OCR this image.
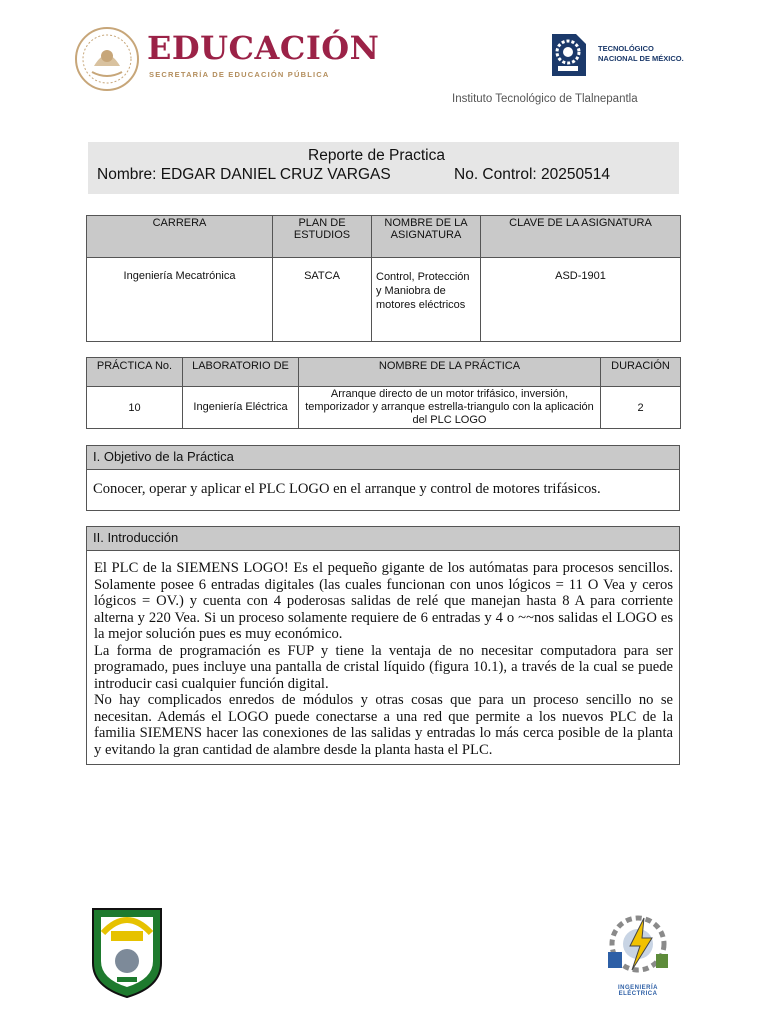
EDUCACIÓN
SECRETARÍA DE EDUCACIÓN PÚBLICA
TECNOLÓGICO
NACIONAL DE MÉXICO.
Instituto Tecnológico de Tlalnepantla
Reporte de Practica
Nombre: EDGAR DANIEL CRUZ VARGAS	No. Control: 20250514
CARRERA	PLAN DE ESTUDIOS	NOMBRE DE LA ASIGNATURA	CLAVE DE LA ASIGNATURA
Ingeniería Mecatrónica	SATCA	Control, Protección y Maniobra de motores eléctricos	ASD-1901
PRÁCTICA No.	LABORATORIO DE	NOMBRE DE LA PRÁCTICA	DURACIÓN
10	Ingeniería Eléctrica	Arranque directo de un motor trifásico, inversión, temporizador y arranque estrella-triangulo con la aplicación del PLC LOGO	2
I. Objetivo de la Práctica
Conocer, operar y aplicar el PLC LOGO en el arranque y control de motores trifásicos.
II. Introducción

El PLC de la SIEMENS LOGO! Es el pequeño gigante de los autómatas para procesos sencillos. Solamente posee 6 entradas digitales (las cuales funcionan con unos lógicos = 11 O Vea y ceros lógicos = OV.) y cuenta con 4 poderosas salidas de relé que manejan hasta 8 A para corriente alterna y 220 Vea. Si un proceso solamente requiere de 6 entradas y 4 o ~~nos salidas el LOGO es la mejor solución pues es muy económico.

La forma de programación es FUP y tiene la ventaja de no necesitar computadora para ser programado, pues incluye una pantalla de cristal líquido (figura 10.1), a través de la cual se puede introducir casi cualquier función digital.

No hay complicados enredos de módulos y otras cosas que para un proceso sencillo no se necesitan. Además el LOGO puede conectarse a una red que permite a los nuevos PLC de la familia SIEMENS hacer las conexiones de las salidas y entradas lo más cerca posible de la planta y evitando la gran cantidad de alambre desde la planta hasta el PLC.

INGENIERÍA ELÉCTRICA
